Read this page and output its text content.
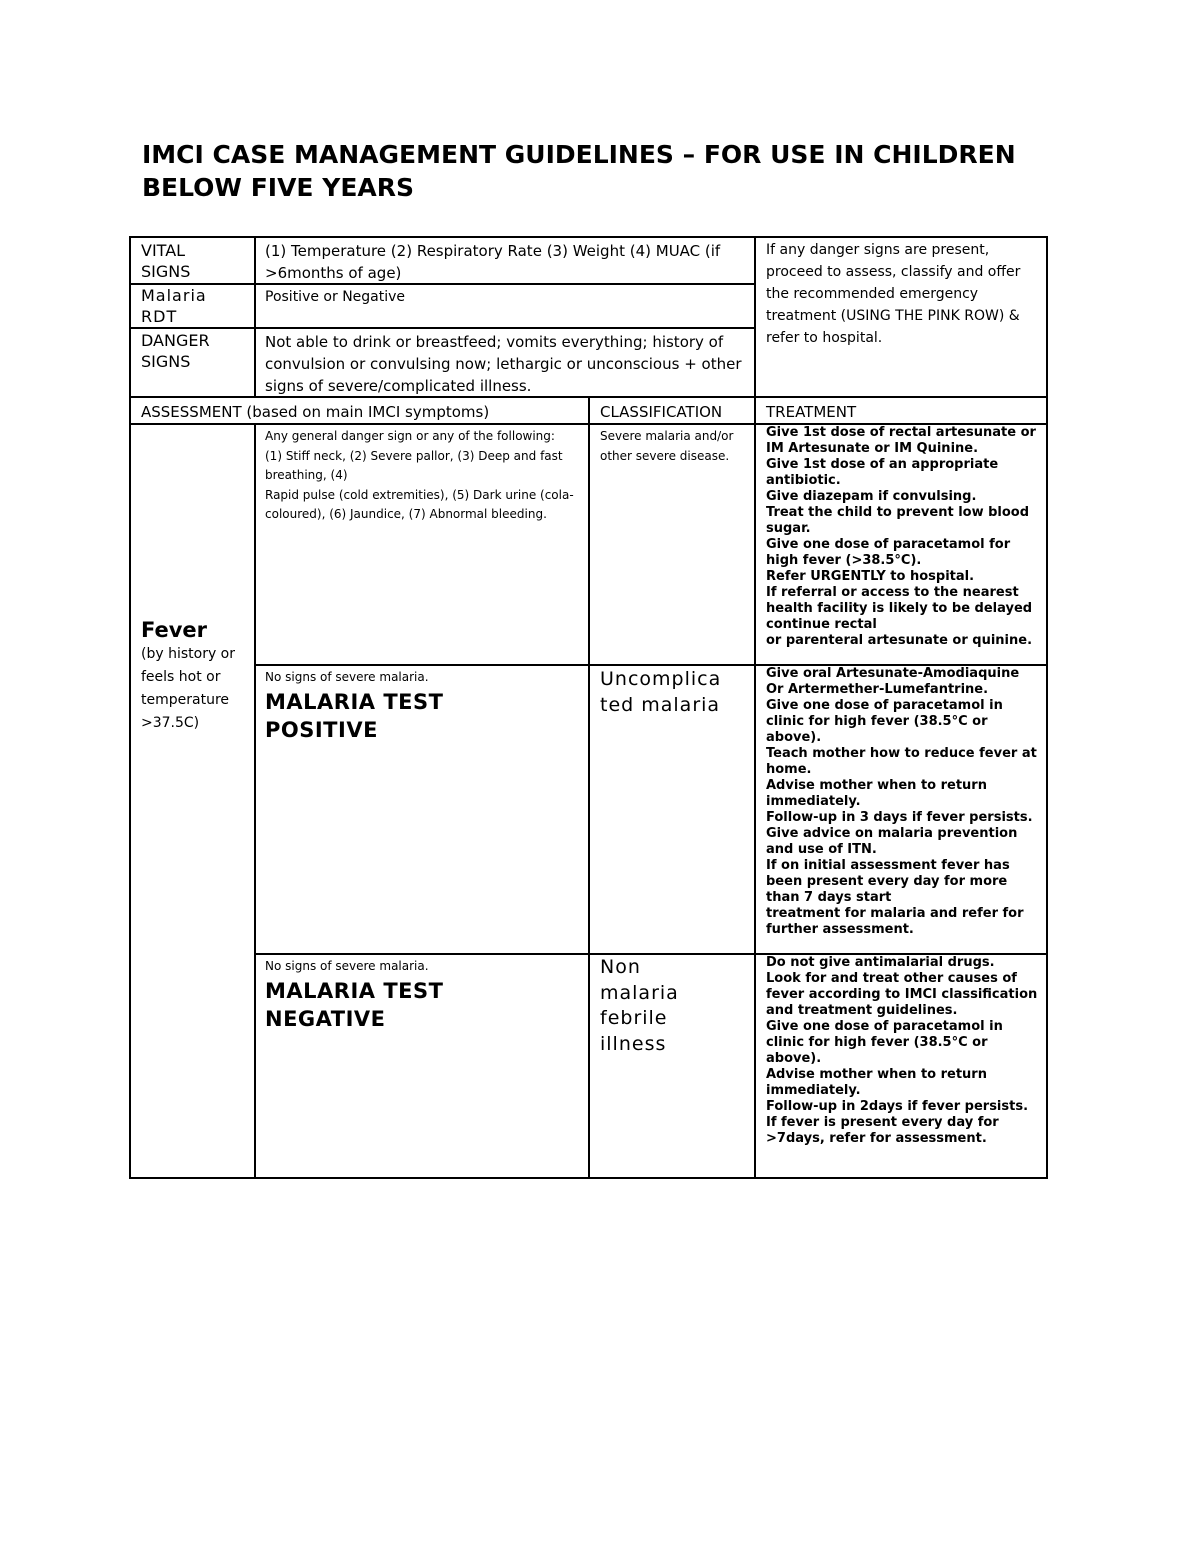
IMCI CASE MANAGEMENT GUIDELINES – FOR USE IN CHILDREN BELOW FIVE YEARS
VITAL SIGNS
(1) Temperature (2) Respiratory Rate (3) Weight (4) MUAC (if >6months of age)
Malaria RDT
Positive or Negative
DANGER SIGNS
Not able to drink or breastfeed; vomits everything; history of convulsion or convulsing now; lethargic or unconscious + other signs of severe/complicated illness.
If any danger signs are present, proceed to assess, classify and offer the recommended emergency treatment (USING THE PINK ROW) & refer to hospital.
ASSESSMENT (based on main IMCI symptoms)	CLASSIFICATION	TREATMENT
Fever
(by history or feels hot or temperature >37.5C)
Any general danger sign or any of the following:
(1) Stiff neck, (2) Severe pallor, (3) Deep and fast breathing, (4)
Rapid pulse (cold extremities), (5) Dark urine (cola-coloured), (6) Jaundice, (7) Abnormal bleeding.
Severe malaria and/or other severe disease.

Give 1st dose of rectal artesunate or IM Artesunate or IM Quinine.

Give 1st dose of an appropriate antibiotic.

Give diazepam if convulsing.

Treat the child to prevent low blood sugar.

Give one dose of paracetamol for high fever (>38.5°C).

Refer URGENTLY to hospital.

If referral or access to the nearest health facility is likely to be delayed continue rectal

or parenteral artesunate or quinine.

No signs of severe malaria.
MALARIA TEST POSITIVE
Uncomplica ted malaria

Give oral Artesunate-Amodiaquine Or Artermether-Lumefantrine.

Give one dose of paracetamol in clinic for high fever (38.5°C or above).

Teach mother how to reduce fever at home.

Advise mother when to return immediately.

Follow-up in 3 days if fever persists.

Give advice on malaria prevention and use of ITN.

If on initial assessment fever has been present every day for more than 7 days start

treatment for malaria and refer for further assessment.

No signs of severe malaria.
MALARIA TEST NEGATIVE
Non malaria febrile illness

Do not give antimalarial drugs.

Look for and treat other causes of fever according to IMCI classification and treatment guidelines.

Give one dose of paracetamol in clinic for high fever (38.5°C or above).

Advise mother when to return immediately.

Follow-up in 2days if fever persists.

If fever is present every day for >7days, refer for assessment.
